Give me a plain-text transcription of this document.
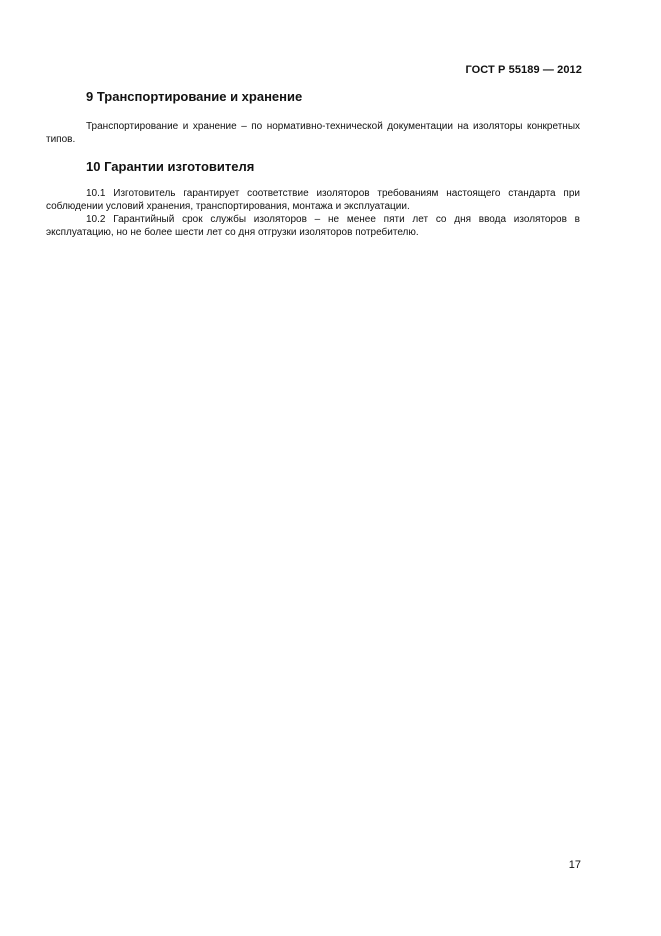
ГОСТ Р 55189 — 2012
9 Транспортирование и хранение

Транспортирование и хранение – по нормативно-технической документации на изоляторы конкретных типов.

10 Гарантии изготовителя

10.1 Изготовитель гарантирует соответствие изоляторов требованиям настоящего стандарта при соблюдении условий хранения, транспортирования, монтажа и эксплуатации.

10.2 Гарантийный срок службы изоляторов – не менее пяти лет со дня ввода изоляторов в эксплуатацию, но не более шести лет со дня отгрузки изоляторов потребителю.

17
